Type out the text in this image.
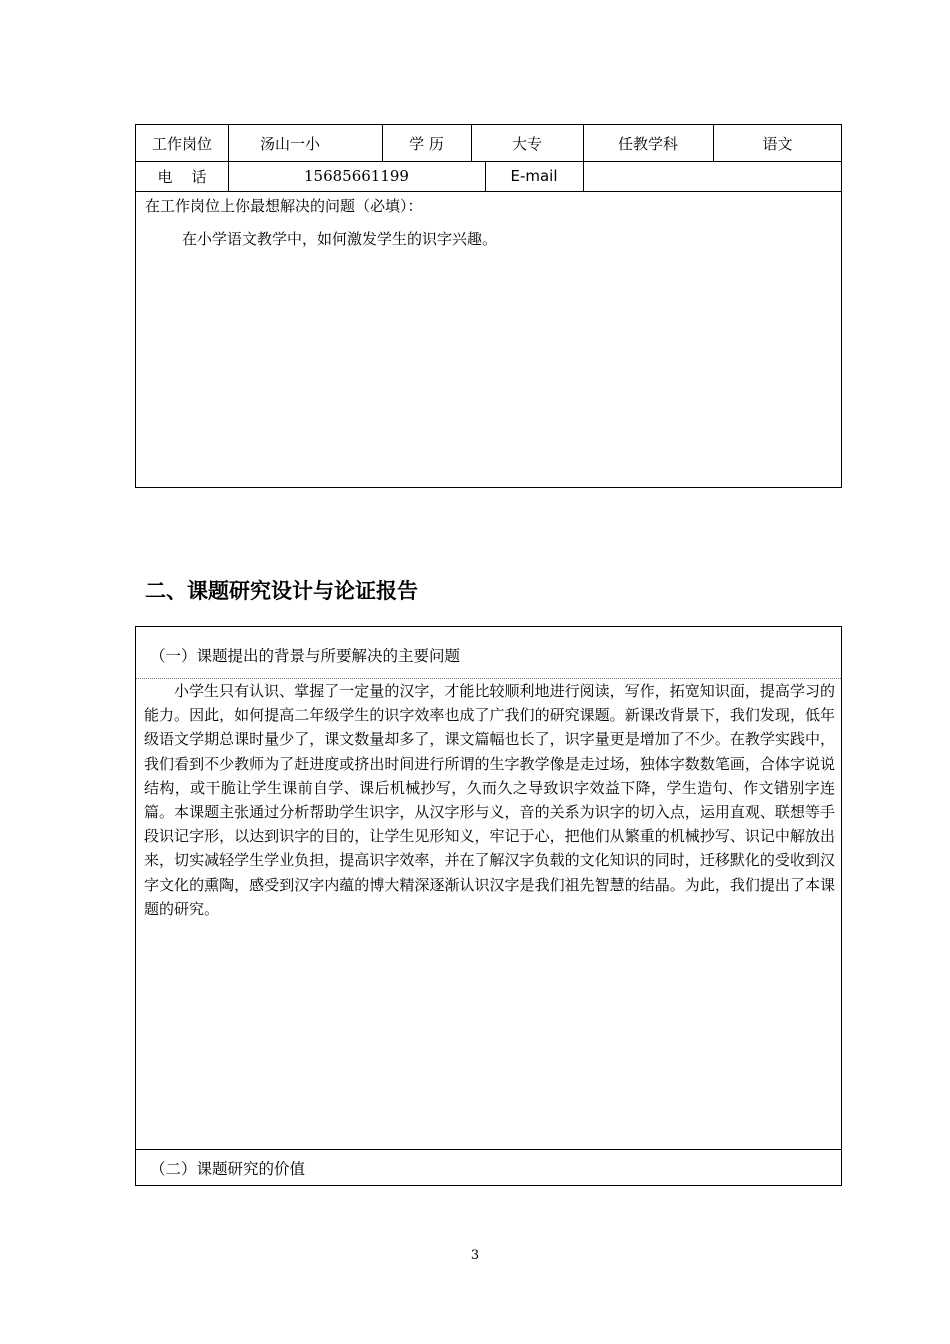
工作岗位	汤山一小	学 历	大专	任教学科	语文
电    话	15685661199	E-mail
在工作岗位上你最想解决的问题（必填）：
在小学语文教学中，如何激发学生的识字兴趣。
二、课题研究设计与论证报告
（一）课题提出的背景与所要解决的主要问题
小学生只有认识、掌握了一定量的汉字，才能比较顺利地进行阅读，写作，拓宽知识面，提高学习的能力。因此，如何提高二年级学生的识字效率也成了广我们的研究课题。新课改背景下，我们发现，低年级语文学期总课时量少了，课文数量却多了，课文篇幅也长了，识字量更是增加了不少。在教学实践中，我们看到不少教师为了赶进度或挤出时间进行所谓的生字教学像是走过场，独体字数数笔画，合体字说说结构，或干脆让学生课前自学、课后机械抄写，久而久之导致识字效益下降，学生造句、作文错别字连篇。本课题主张通过分析帮助学生识字，从汉字形与义，音的关系为识字的切入点，运用直观、联想等手段识记字形，以达到识字的目的，让学生见形知义，牢记于心，把他们从繁重的机械抄写、识记中解放出来，切实减轻学生学业负担，提高识字效率，并在了解汉字负载的文化知识的同时，迁移默化的受收到汉字文化的熏陶，感受到汉字内蕴的博大精深逐渐认识汉字是我们祖先智慧的结晶。为此，我们提出了本课题的研究。
（二）课题研究的价值
3
